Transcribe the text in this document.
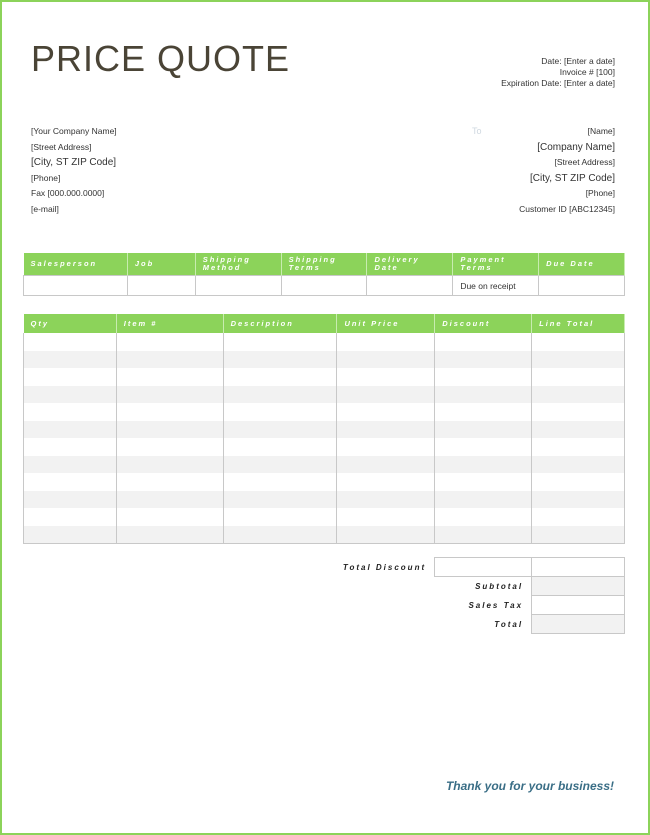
PRICE QUOTE	Date: [Enter a date]
Invoice # [100]
Expiration Date: [Enter a date]
[Your Company Name]
[Street Address]
[City, ST ZIP Code]
[Phone]
Fax [000.000.0000]
[e-mail]
To	[Name]
[Company Name]
[Street Address]
[City, ST ZIP Code]
[Phone]
Customer ID [ABC12345]
Salesperson	Job	Shipping Method	Shipping Terms	Delivery Date	Payment Terms	Due Date
					Due on receipt	
Qty	Item #	Description	Unit Price	Discount	Line Total

Total Discount		
	Subtotal	
	Sales Tax	
	Total	
Thank you for your business!
